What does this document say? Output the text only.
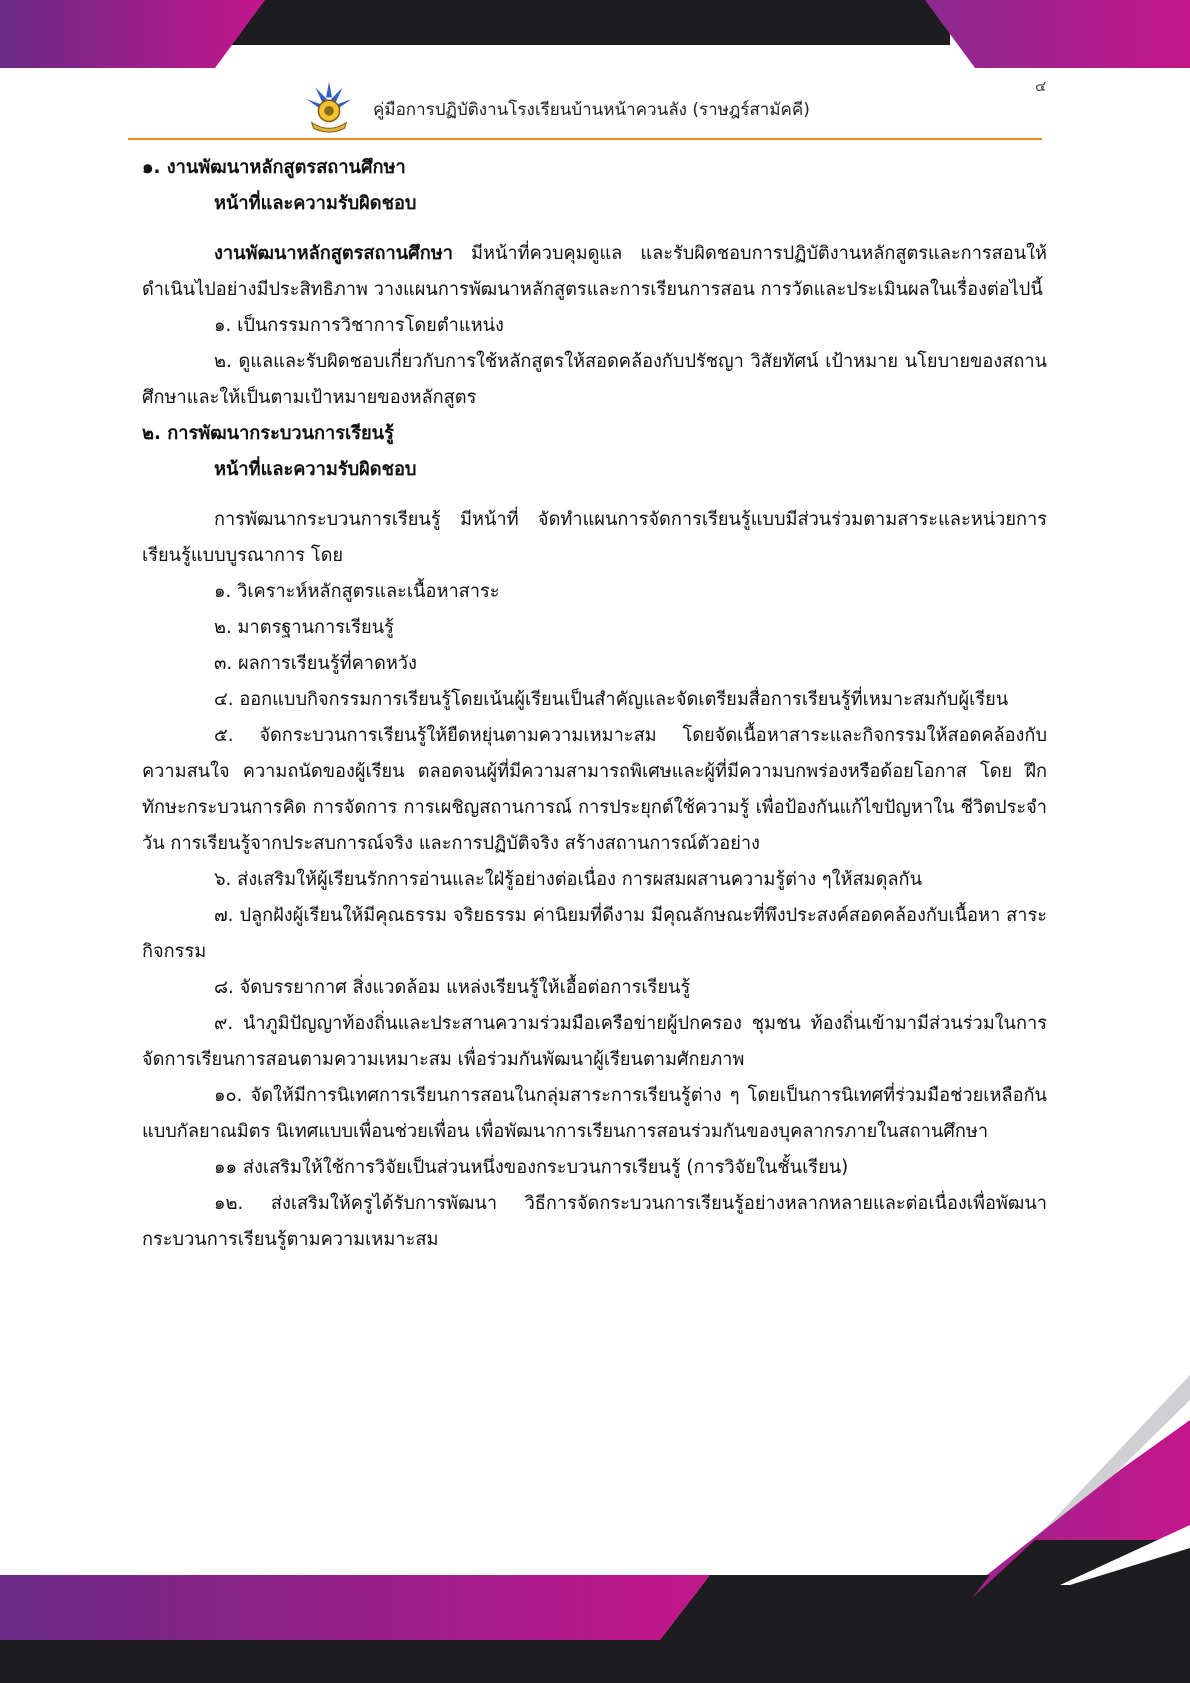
คู่มือการปฏิบัติงานโรงเรียนบ้านหน้าควนลัง (ราษฎร์สามัคคี)
๔

๑. งานพัฒนาหลักสูตรสถานศึกษา

หน้าที่และความรับผิดชอบ

งานพัฒนาหลักสูตรสถานศึกษา มีหน้าที่ควบคุมดูแล และรับผิดชอบการปฏิบัติงานหลักสูตรและการสอนให้ดำเนินไปอย่างมีประสิทธิภาพ วางแผนการพัฒนาหลักสูตรและการเรียนการสอน การวัดและประเมินผลในเรื่องต่อไปนี้

๑. เป็นกรรมการวิชาการโดยตำแหน่ง

๒. ดูแลและรับผิดชอบเกี่ยวกับการใช้หลักสูตรให้สอดคล้องกับปรัชญา วิสัยทัศน์ เป้าหมาย นโยบายของสถานศึกษาและให้เป็นตามเป้าหมายของหลักสูตร

๒. การพัฒนากระบวนการเรียนรู้

หน้าที่และความรับผิดชอบ

การพัฒนากระบวนการเรียนรู้ มีหน้าที่ จัดทำแผนการจัดการเรียนรู้แบบมีส่วนร่วมตามสาระและหน่วยการเรียนรู้แบบบูรณาการ โดย

๑. วิเคราะห์หลักสูตรและเนื้อหาสาระ

๒. มาตรฐานการเรียนรู้

๓. ผลการเรียนรู้ที่คาดหวัง

๔. ออกแบบกิจกรรมการเรียนรู้โดยเน้นผู้เรียนเป็นสำคัญและจัดเตรียมสื่อการเรียนรู้ที่เหมาะสมกับผู้เรียน

๕. จัดกระบวนการเรียนรู้ให้ยืดหยุ่นตามความเหมาะสม โดยจัดเนื้อหาสาระและกิจกรรมให้สอดคล้องกับ ความสนใจ ความถนัดของผู้เรียน ตลอดจนผู้ที่มีความสามารถพิเศษและผู้ที่มีความบกพร่องหรือด้อยโอกาส โดย ฝึกทักษะกระบวนการคิด การจัดการ การเผชิญสถานการณ์ การประยุกต์ใช้ความรู้ เพื่อป้องกันแก้ไขปัญหาใน ชีวิตประจำวัน การเรียนรู้จากประสบการณ์จริง และการปฏิบัติจริง สร้างสถานการณ์ตัวอย่าง

๖. ส่งเสริมให้ผู้เรียนรักการอ่านและใฝ่รู้อย่างต่อเนื่อง การผสมผสานความรู้ต่าง ๆให้สมดุลกัน

๗. ปลูกฝังผู้เรียนให้มีคุณธรรม จริยธรรม ค่านิยมที่ดีงาม มีคุณลักษณะที่พึงประสงค์สอดคล้องกับเนื้อหา สาระกิจกรรม

๘. จัดบรรยากาศ สิ่งแวดล้อม แหล่งเรียนรู้ให้เอื้อต่อการเรียนรู้

๙. นำภูมิปัญญาท้องถิ่นและประสานความร่วมมือเครือข่ายผู้ปกครอง ชุมชน ท้องถิ่นเข้ามามีส่วนร่วมในการจัดการเรียนการสอนตามความเหมาะสม เพื่อร่วมกันพัฒนาผู้เรียนตามศักยภาพ

๑๐. จัดให้มีการนิเทศการเรียนการสอนในกลุ่มสาระการเรียนรู้ต่าง ๆ โดยเป็นการนิเทศที่ร่วมมือช่วยเหลือกันแบบกัลยาณมิตร นิเทศแบบเพื่อนช่วยเพื่อน เพื่อพัฒนาการเรียนการสอนร่วมกันของบุคลากรภายในสถานศึกษา

๑๑ ส่งเสริมให้ใช้การวิจัยเป็นส่วนหนึ่งของกระบวนการเรียนรู้ (การวิจัยในชั้นเรียน)

๑๒. ส่งเสริมให้ครูได้รับการพัฒนา วิธีการจัดกระบวนการเรียนรู้อย่างหลากหลายและต่อเนื่องเพื่อพัฒนากระบวนการเรียนรู้ตามความเหมาะสม
